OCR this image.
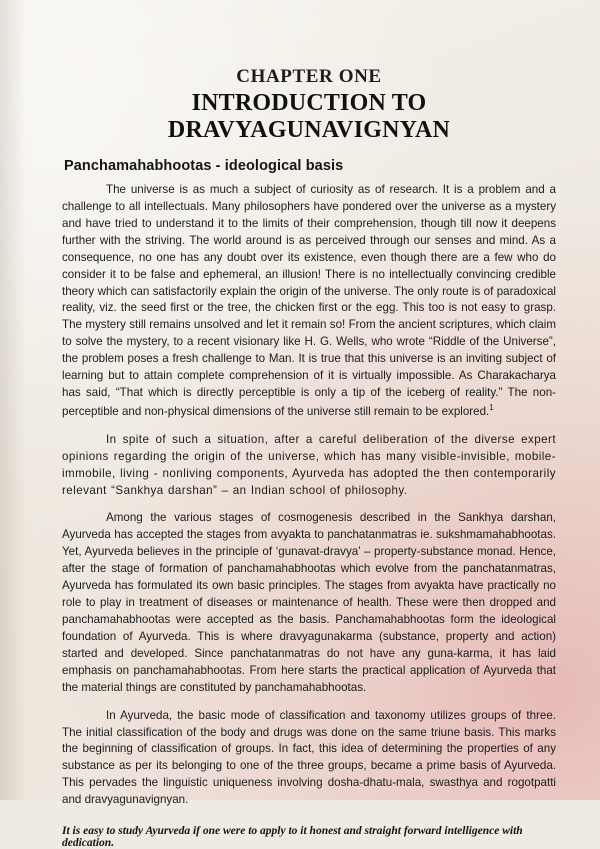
CHAPTER ONE
INTRODUCTION TO DRAVYAGUNAVIGNYAN
Panchamahabhootas - ideological basis

The universe is as much a subject of curiosity as of research. It is a problem and a challenge to all intellectuals. Many philosophers have pondered over the universe as a mystery and have tried to understand it to the limits of their comprehension, though till now it deepens further with the striving. The world around is as perceived through our senses and mind. As a consequence, no one has any doubt over its existence, even though there are a few who do consider it to be false and ephemeral, an illusion! There is no intellectually convincing credible theory which can satisfactorily explain the origin of the universe. The only route is of paradoxical reality, viz. the seed first or the tree, the chicken first or the egg. This too is not easy to grasp. The mystery still remains unsolved and let it remain so! From the ancient scriptures, which claim to solve the mystery, to a recent visionary like H. G. Wells, who wrote “Riddle of the Universe”, the problem poses a fresh challenge to Man. It is true that this universe is an inviting subject of learning but to attain complete comprehension of it is virtually impossible. As Charakacharya has said, “That which is directly perceptible is only a tip of the iceberg of reality.” The non-perceptible and non-physical dimensions of the universe still remain to be explored.$^1$

In spite of such a situation, after a careful deliberation of the diverse expert opinions regarding the origin of the universe, which has many visible-invisible, mobile-immobile, living - nonliving components, Ayurveda has adopted the then contemporarily relevant “Sankhya darshan” – an Indian school of philosophy.

Among the various stages of cosmogenesis described in the Sankhya darshan, Ayurveda has accepted the stages from avyakta to panchatanmatras ie. sukshmamahabhootas. Yet, Ayurveda believes in the principle of ‘gunavat-dravya’ – property-substance monad. Hence, after the stage of formation of panchamahabhootas which evolve from the panchatanmatras, Ayurveda has formulated its own basic principles. The stages from avyakta have practically no role to play in treatment of diseases or maintenance of health. These were then dropped and panchamahabhootas were accepted as the basis. Panchamahabhootas form the ideological foundation of Ayurveda. This is where dravyagunakarma (substance, property and action) started and developed. Since panchatanmatras do not have any guna-karma, it has laid emphasis on panchamahabhootas. From here starts the practical application of Ayurveda that the material things are constituted by panchamahabhootas.

In Ayurveda, the basic mode of classification and taxonomy utilizes groups of three. The initial classification of the body and drugs was done on the same triune basis. This marks the beginning of classification of groups. In fact, this idea of determining the properties of any substance as per its belonging to one of the three groups, became a prime basis of Ayurveda. This pervades the linguistic uniqueness involving dosha-dhatu-mala, swasthya and rogotpatti and dravyagunavignyan.

It is easy to study Ayurveda if one were to apply to it honest and straight forward intelligence with dedication.
